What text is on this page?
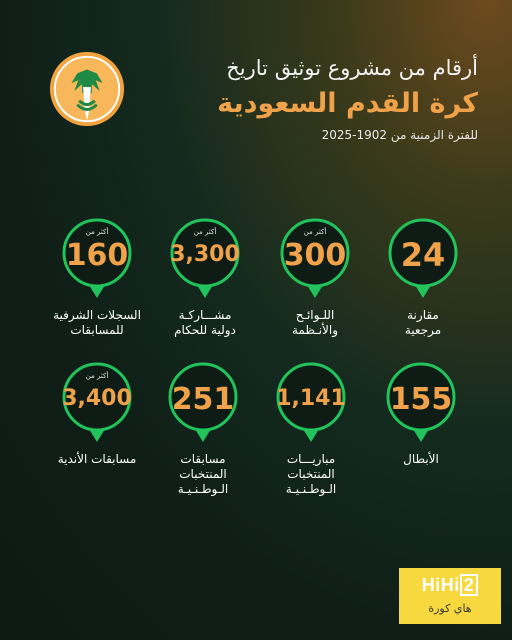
أرقام من مشروع توثيق تاريخ
كرة القدم السعودية
للفترة الزمنية من 1902-2025
24
مقارنة
مرجعية
أكثر من
300
اللـوائـح
والأنـظمة
أكثر من
3,300
مشـــاركـة
دولية للحكام
أكثر من
160
السجلات الشرفية
للمسابقات
155
الأبطال
1,141
مباريـــات
المنتخبات
الـوطـنـيـة
251
مسابقات
المنتخبات
الـوطـنـيـة
أكثر من
3,400
مسابقات الأندية
HiHi 2
هاي كورة
